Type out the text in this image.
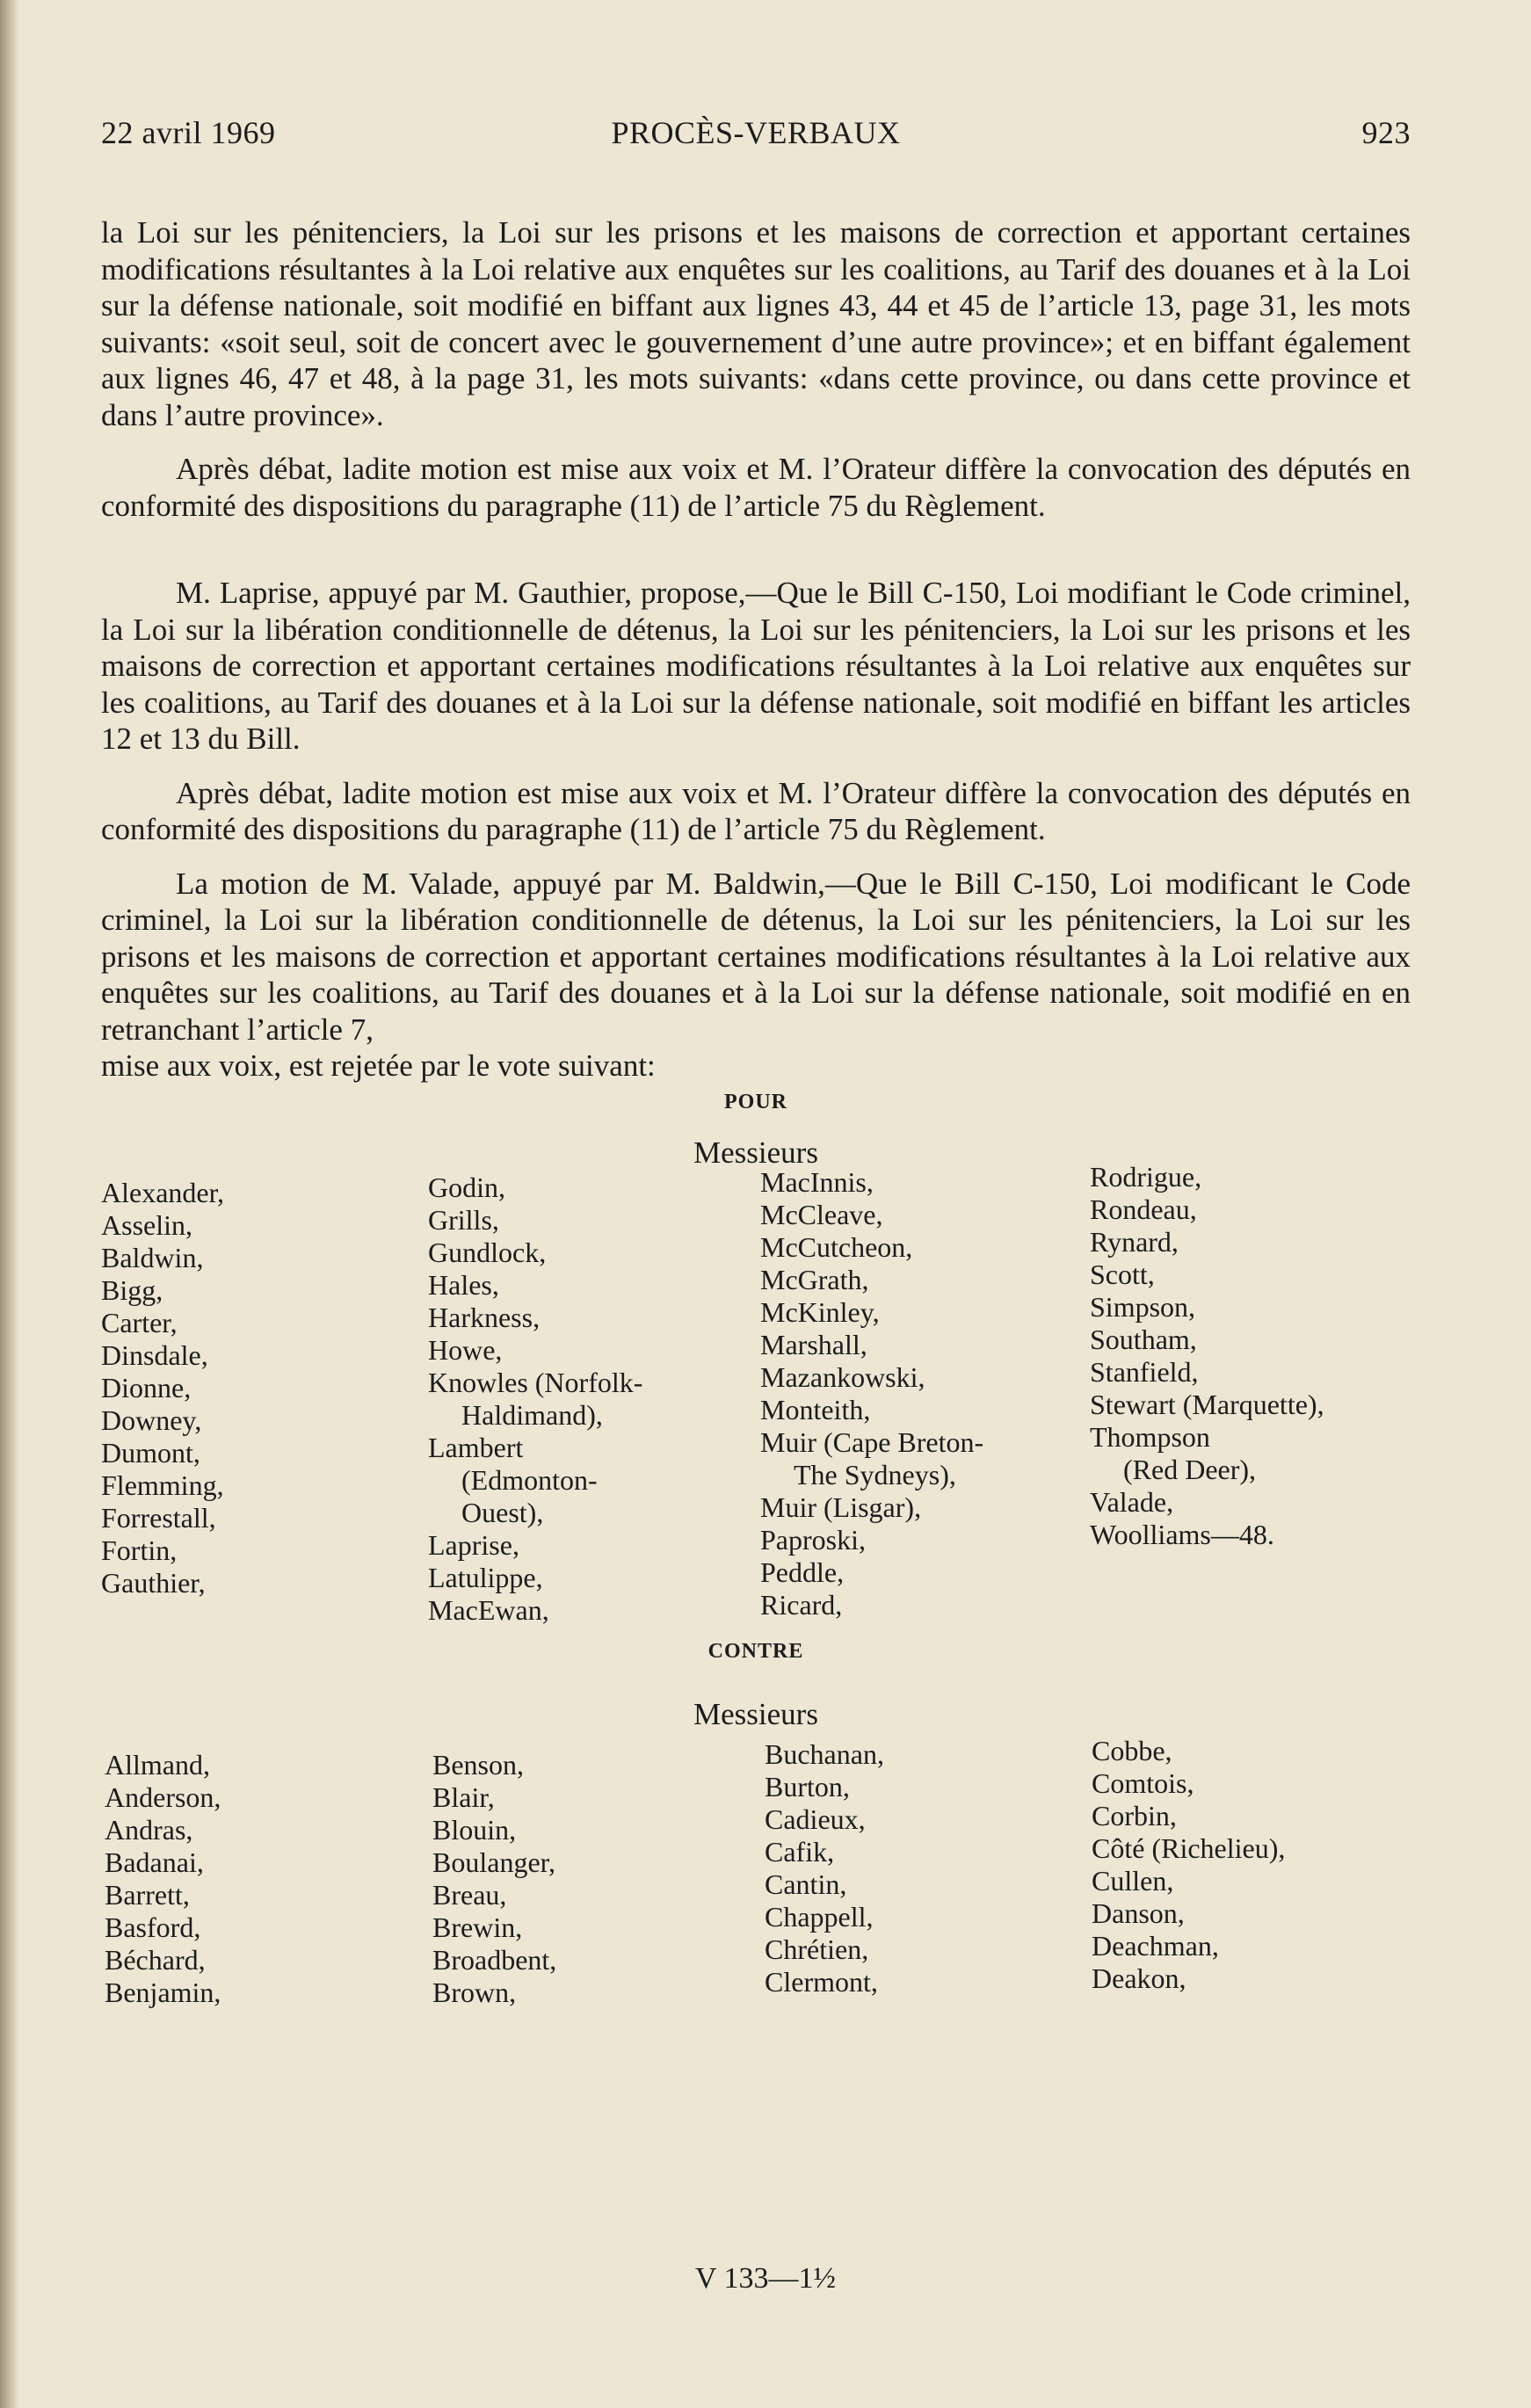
22 avril 1969	PROCÈS-VERBAUX	923

la Loi sur les pénitenciers, la Loi sur les prisons et les maisons de correction et apportant certaines modifications résultantes à la Loi relative aux enquêtes sur les coalitions, au Tarif des douanes et à la Loi sur la défense nationale, soit modifié en biffant aux lignes 43, 44 et 45 de l’article 13, page 31, les mots suivants: «soit seul, soit de concert avec le gouvernement d’une autre province»; et en biffant également aux lignes 46, 47 et 48, à la page 31, les mots suivants: «dans cette province, ou dans cette province et dans l’autre province».

Après débat, ladite motion est mise aux voix et M. l’Orateur diffère la convocation des députés en conformité des dispositions du paragraphe (11) de l’article 75 du Règlement.

M. Laprise, appuyé par M. Gauthier, propose,—Que le Bill C-150, Loi modifiant le Code criminel, la Loi sur la libération conditionnelle de détenus, la Loi sur les pénitenciers, la Loi sur les prisons et les maisons de correction et apportant certaines modifications résultantes à la Loi relative aux enquêtes sur les coalitions, au Tarif des douanes et à la Loi sur la défense nationale, soit modifié en biffant les articles 12 et 13 du Bill.

Après débat, ladite motion est mise aux voix et M. l’Orateur diffère la convocation des députés en conformité des dispositions du paragraphe (11) de l’article 75 du Règlement.

La motion de M. Valade, appuyé par M. Baldwin,—Que le Bill C-150, Loi modificant le Code criminel, la Loi sur la libération conditionnelle de détenus, la Loi sur les pénitenciers, la Loi sur les prisons et les maisons de correction et apportant certaines modifications résultantes à la Loi relative aux enquêtes sur les coalitions, au Tarif des douanes et à la Loi sur la défense nationale, soit modifié en en retranchant l’article 7,

mise aux voix, est rejetée par le vote suivant:

POUR
Messieurs
Alexander,
Asselin,
Baldwin,
Bigg,
Carter,
Dinsdale,
Dionne,
Downey,
Dumont,
Flemming,
Forrestall,
Fortin,
Gauthier,
Godin,
Grills,
Gundlock,
Hales,
Harkness,
Howe,
Knowles (Norfolk-
Haldimand),
Lambert
(Edmonton-
Ouest),
Laprise,
Latulippe,
MacEwan,
MacInnis,
McCleave,
McCutcheon,
McGrath,
McKinley,
Marshall,
Mazankowski,
Monteith,
Muir (Cape Breton-
The Sydneys),
Muir (Lisgar),
Paproski,
Peddle,
Ricard,
Rodrigue,
Rondeau,
Rynard,
Scott,
Simpson,
Southam,
Stanfield,
Stewart (Marquette),
Thompson
(Red Deer),
Valade,
Woolliams—48.
CONTRE
Messieurs
Allmand,
Anderson,
Andras,
Badanai,
Barrett,
Basford,
Béchard,
Benjamin,
Benson,
Blair,
Blouin,
Boulanger,
Breau,
Brewin,
Broadbent,
Brown,
Buchanan,
Burton,
Cadieux,
Cafik,
Cantin,
Chappell,
Chrétien,
Clermont,
Cobbe,
Comtois,
Corbin,
Côté (Richelieu),
Cullen,
Danson,
Deachman,
Deakon,
V 133—1½
